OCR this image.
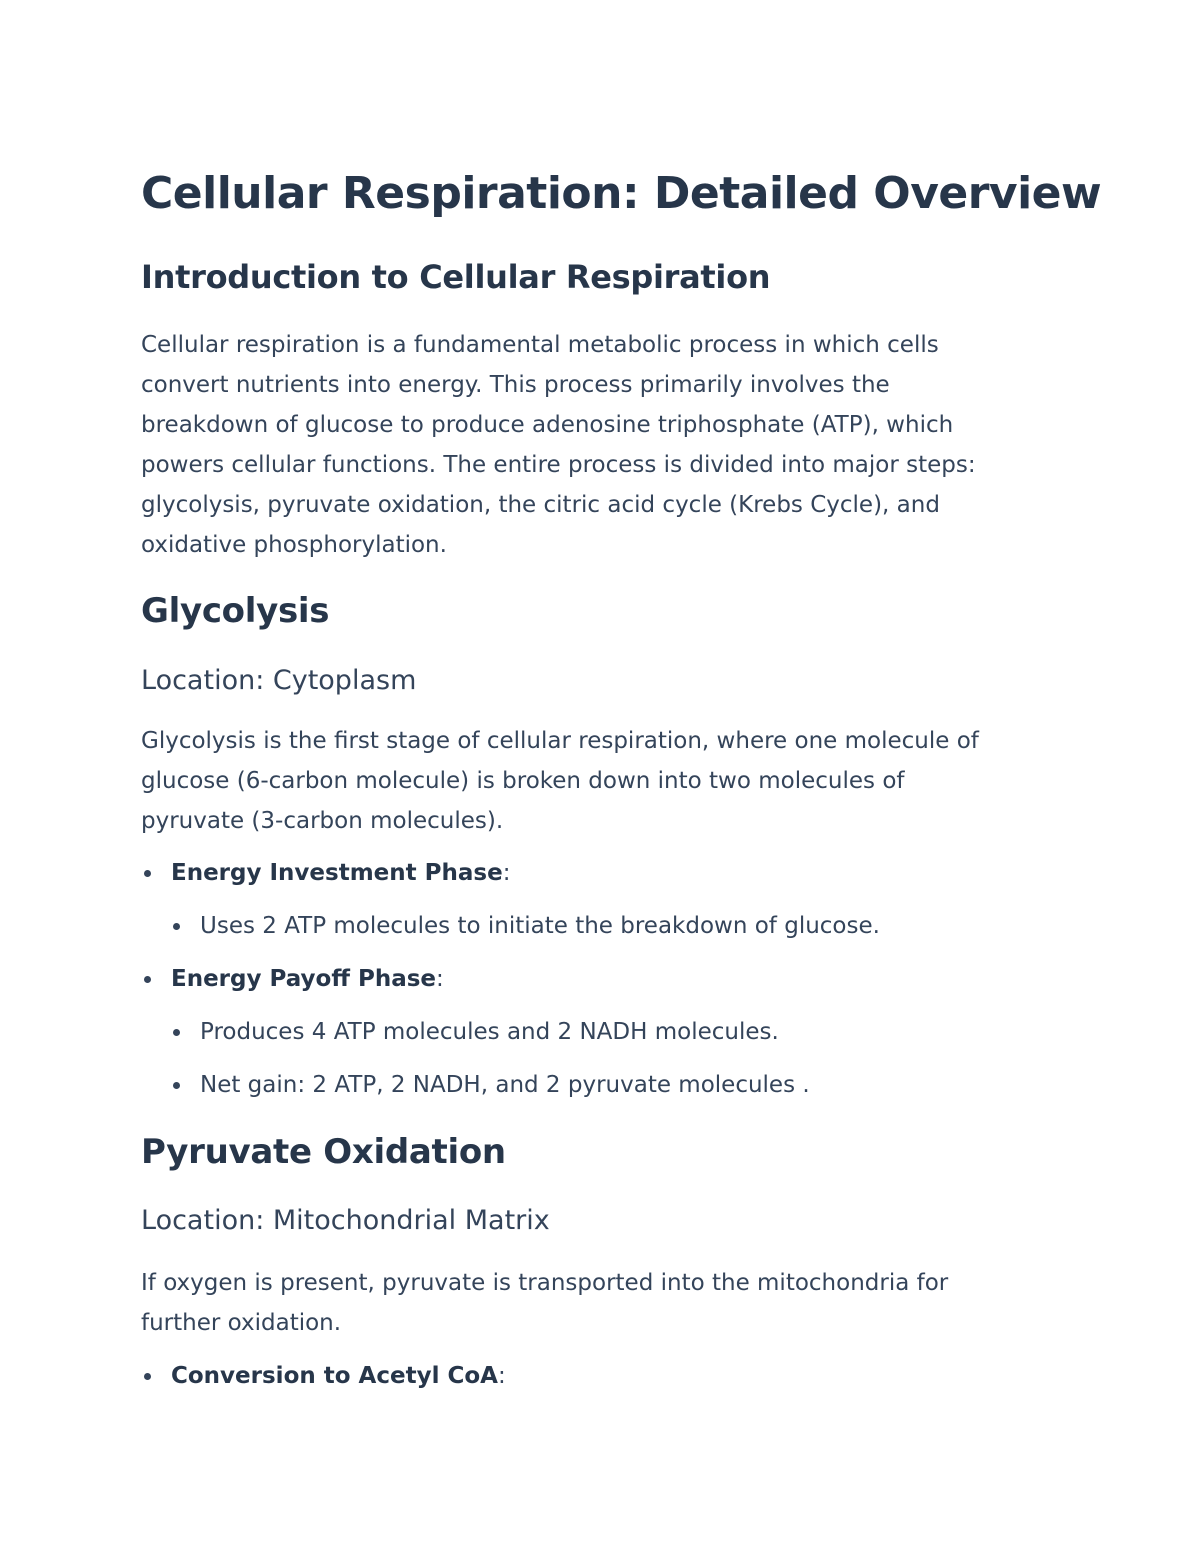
Cellular Respiration: Detailed Overview
Introduction to Cellular Respiration

Cellular respiration is a fundamental metabolic process in which cells
convert nutrients into energy. This process primarily involves the
breakdown of glucose to produce adenosine triphosphate (ATP), which
powers cellular functions. The entire process is divided into major steps:
glycolysis, pyruvate oxidation, the citric acid cycle (Krebs Cycle), and
oxidative phosphorylation.

Glycolysis
Location: Cytoplasm

Glycolysis is the first stage of cellular respiration, where one molecule of
glucose (6-carbon molecule) is broken down into two molecules of
pyruvate (3-carbon molecules).

Energy Investment Phase:
Uses 2 ATP molecules to initiate the breakdown of glucose.
Energy Payoff Phase:
Produces 4 ATP molecules and 2 NADH molecules.
Net gain: 2 ATP, 2 NADH, and 2 pyruvate molecules .
Pyruvate Oxidation
Location: Mitochondrial Matrix

If oxygen is present, pyruvate is transported into the mitochondria for
further oxidation.

Conversion to Acetyl CoA:
